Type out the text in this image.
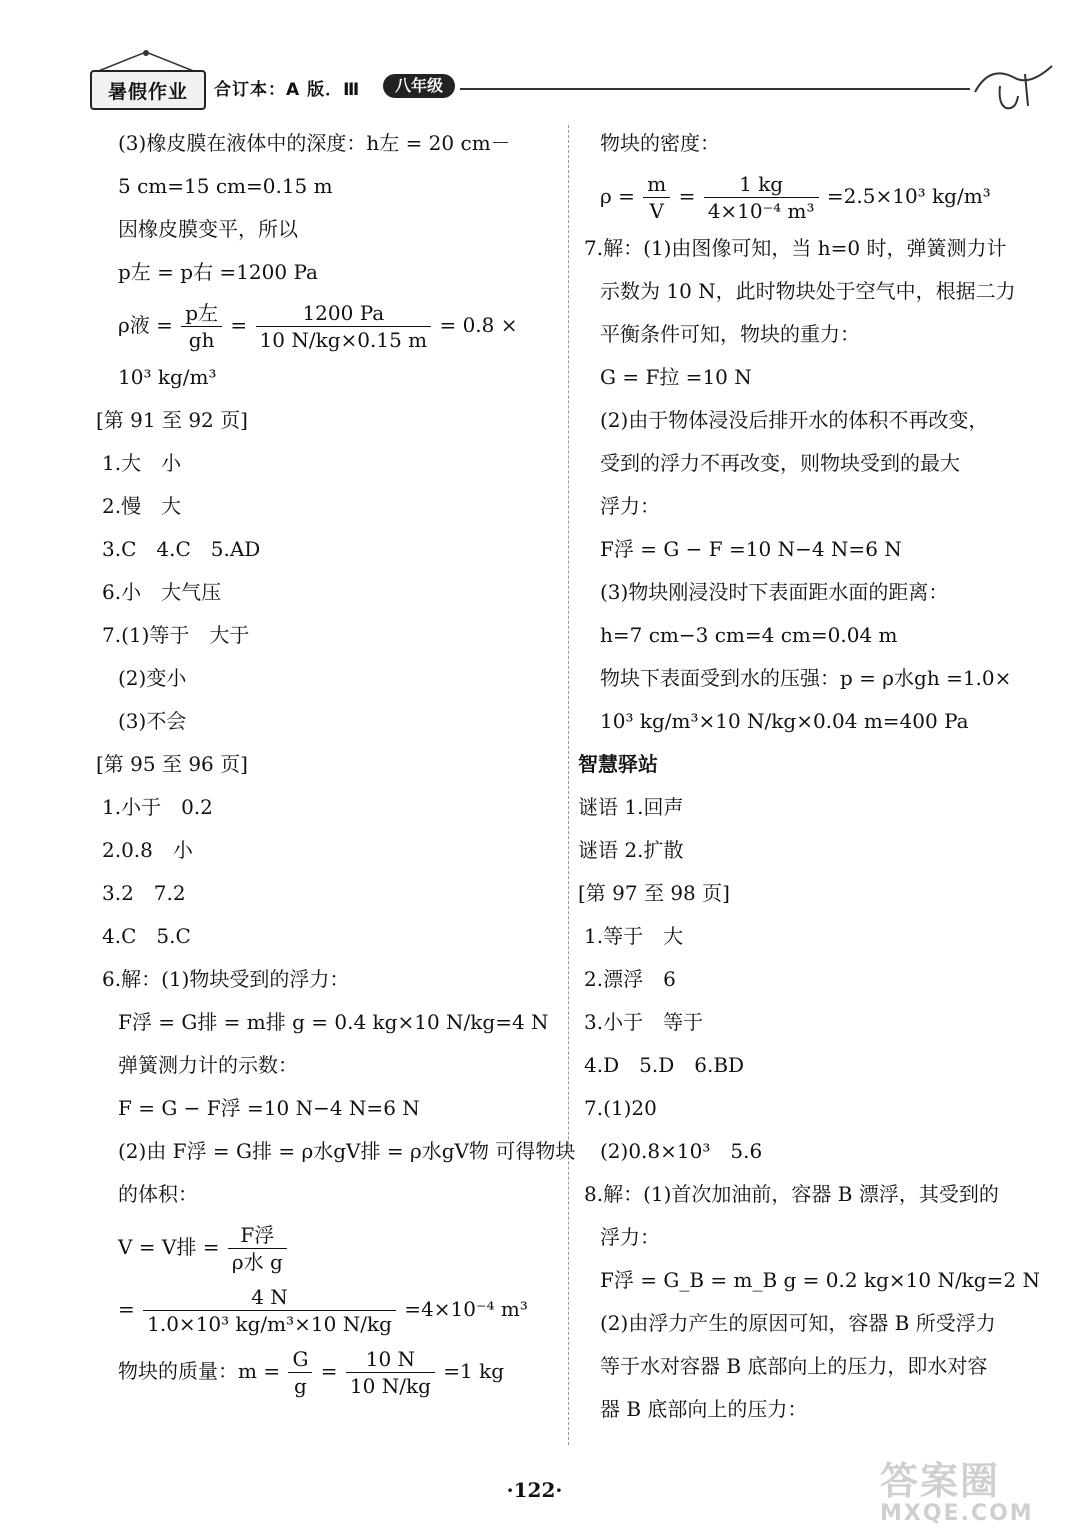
暑假作业	合订本：A 版．Ⅲ	八年级
(3)橡皮膜在液体中的深度：h左 = 20 cm－
5 cm=15 cm=0.15 m
因橡皮膜变平，所以
p左 = p右 =1200 Pa
ρ液 = $\frac{\text{p左}}{gh} = \frac{1200 Pa}{10 N/kg\times 0.15 m} = 0.8$ ×
10³ kg/m³
[第 91 至 92 页]
1.大　小
2.慢　大
3.C　4.C　5.AD
6.小　大气压
7.(1)等于　大于
(2)变小
(3)不会
[第 95 至 96 页]
1.小于　0.2
2.0.8　小
3.2　7.2
4.C　5.C
6.解：(1)物块受到的浮力：
F浮 = G排 = m排 g = 0.4 kg×10 N/kg=4 N
弹簧测力计的示数：
F = G − F浮 =10 N−4 N=6 N
(2)由 F浮 = G排 = ρ水gV排 = ρ水gV物 可得物块
的体积：
V = V排 = $\frac{\text{F浮}}{\text{ρ水 g}}$
= $\frac{4 N}{\text{1.0×10³ kg/m³×10 N/kg}} =4\times 10^{-4}$ m³
物块的质量：$m = \frac{G}{g} = \frac{10 N}{10 N/kg} =1$ kg
物块的密度：
$\rho = \frac{m}{V} = \frac{1 kg}{\text{4×10⁻⁴ m³}} =2.5\times 10^3$ kg/m³
7.解：(1)由图像可知，当 h=0 时，弹簧测力计
示数为 10 N，此时物块处于空气中，根据二力
平衡条件可知，物块的重力：
G = F拉 =10 N
(2)由于物体浸没后排开水的体积不再改变，
受到的浮力不再改变，则物块受到的最大
浮力：
F浮 = G − F =10 N−4 N=6 N
(3)物块刚浸没时下表面距水面的距离：
h=7 cm−3 cm=4 cm=0.04 m
物块下表面受到水的压强：p = ρ水gh =1.0×
10³ kg/m³×10 N/kg×0.04 m=400 Pa
智慧驿站
谜语 1.回声
谜语 2.扩散
[第 97 至 98 页]
1.等于　大
2.漂浮　6
3.小于　等于
4.D　5.D　6.BD
7.(1)20
(2)0.8×10³　5.6
8.解：(1)首次加油前，容器 B 漂浮，其受到的
浮力：
F浮 = G_B = m_B g = 0.2 kg×10 N/kg=2 N
(2)由浮力产生的原因可知，容器 B 所受浮力
等于水对容器 B 底部向上的压力，即水对容
器 B 底部向上的压力：
·122·	答案圈
MXQE.COM
